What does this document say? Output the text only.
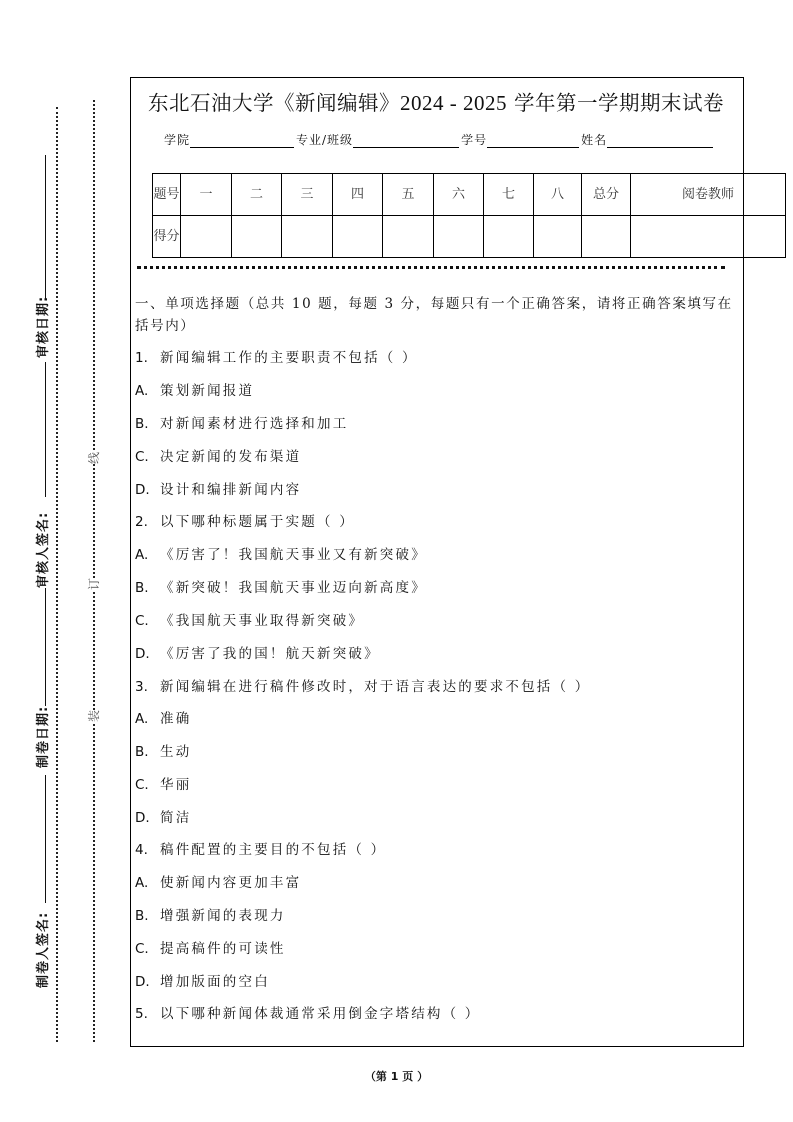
审核日期:
审核人签名:
制卷日期:
制卷人签名:
线
订
装
东北石油大学《新闻编辑》2024 - 2025 学年第一学期期末试卷
学院	专业/班级	学号	姓名
题号	一	二	三	四	五	六	七	八	总分	阅卷教师
得分										
一、单项选择题（总共 10 题，每题 3 分，每题只有一个正确答案，请将正确答案填写在括号内）
1. 新闻编辑工作的主要职责不包括（ ）
A. 策划新闻报道
B. 对新闻素材进行选择和加工
C. 决定新闻的发布渠道
D. 设计和编排新闻内容
2. 以下哪种标题属于实题（ ）
A. 《厉害了！我国航天事业又有新突破》
B. 《新突破！我国航天事业迈向新高度》
C. 《我国航天事业取得新突破》
D. 《厉害了我的国！航天新突破》
3. 新闻编辑在进行稿件修改时，对于语言表达的要求不包括（ ）
A. 准确
B. 生动
C. 华丽
D. 简洁
4. 稿件配置的主要目的不包括（ ）
A. 使新闻内容更加丰富
B. 增强新闻的表现力
C. 提高稿件的可读性
D. 增加版面的空白
5. 以下哪种新闻体裁通常采用倒金字塔结构（ ）
（第 1 页 ）
